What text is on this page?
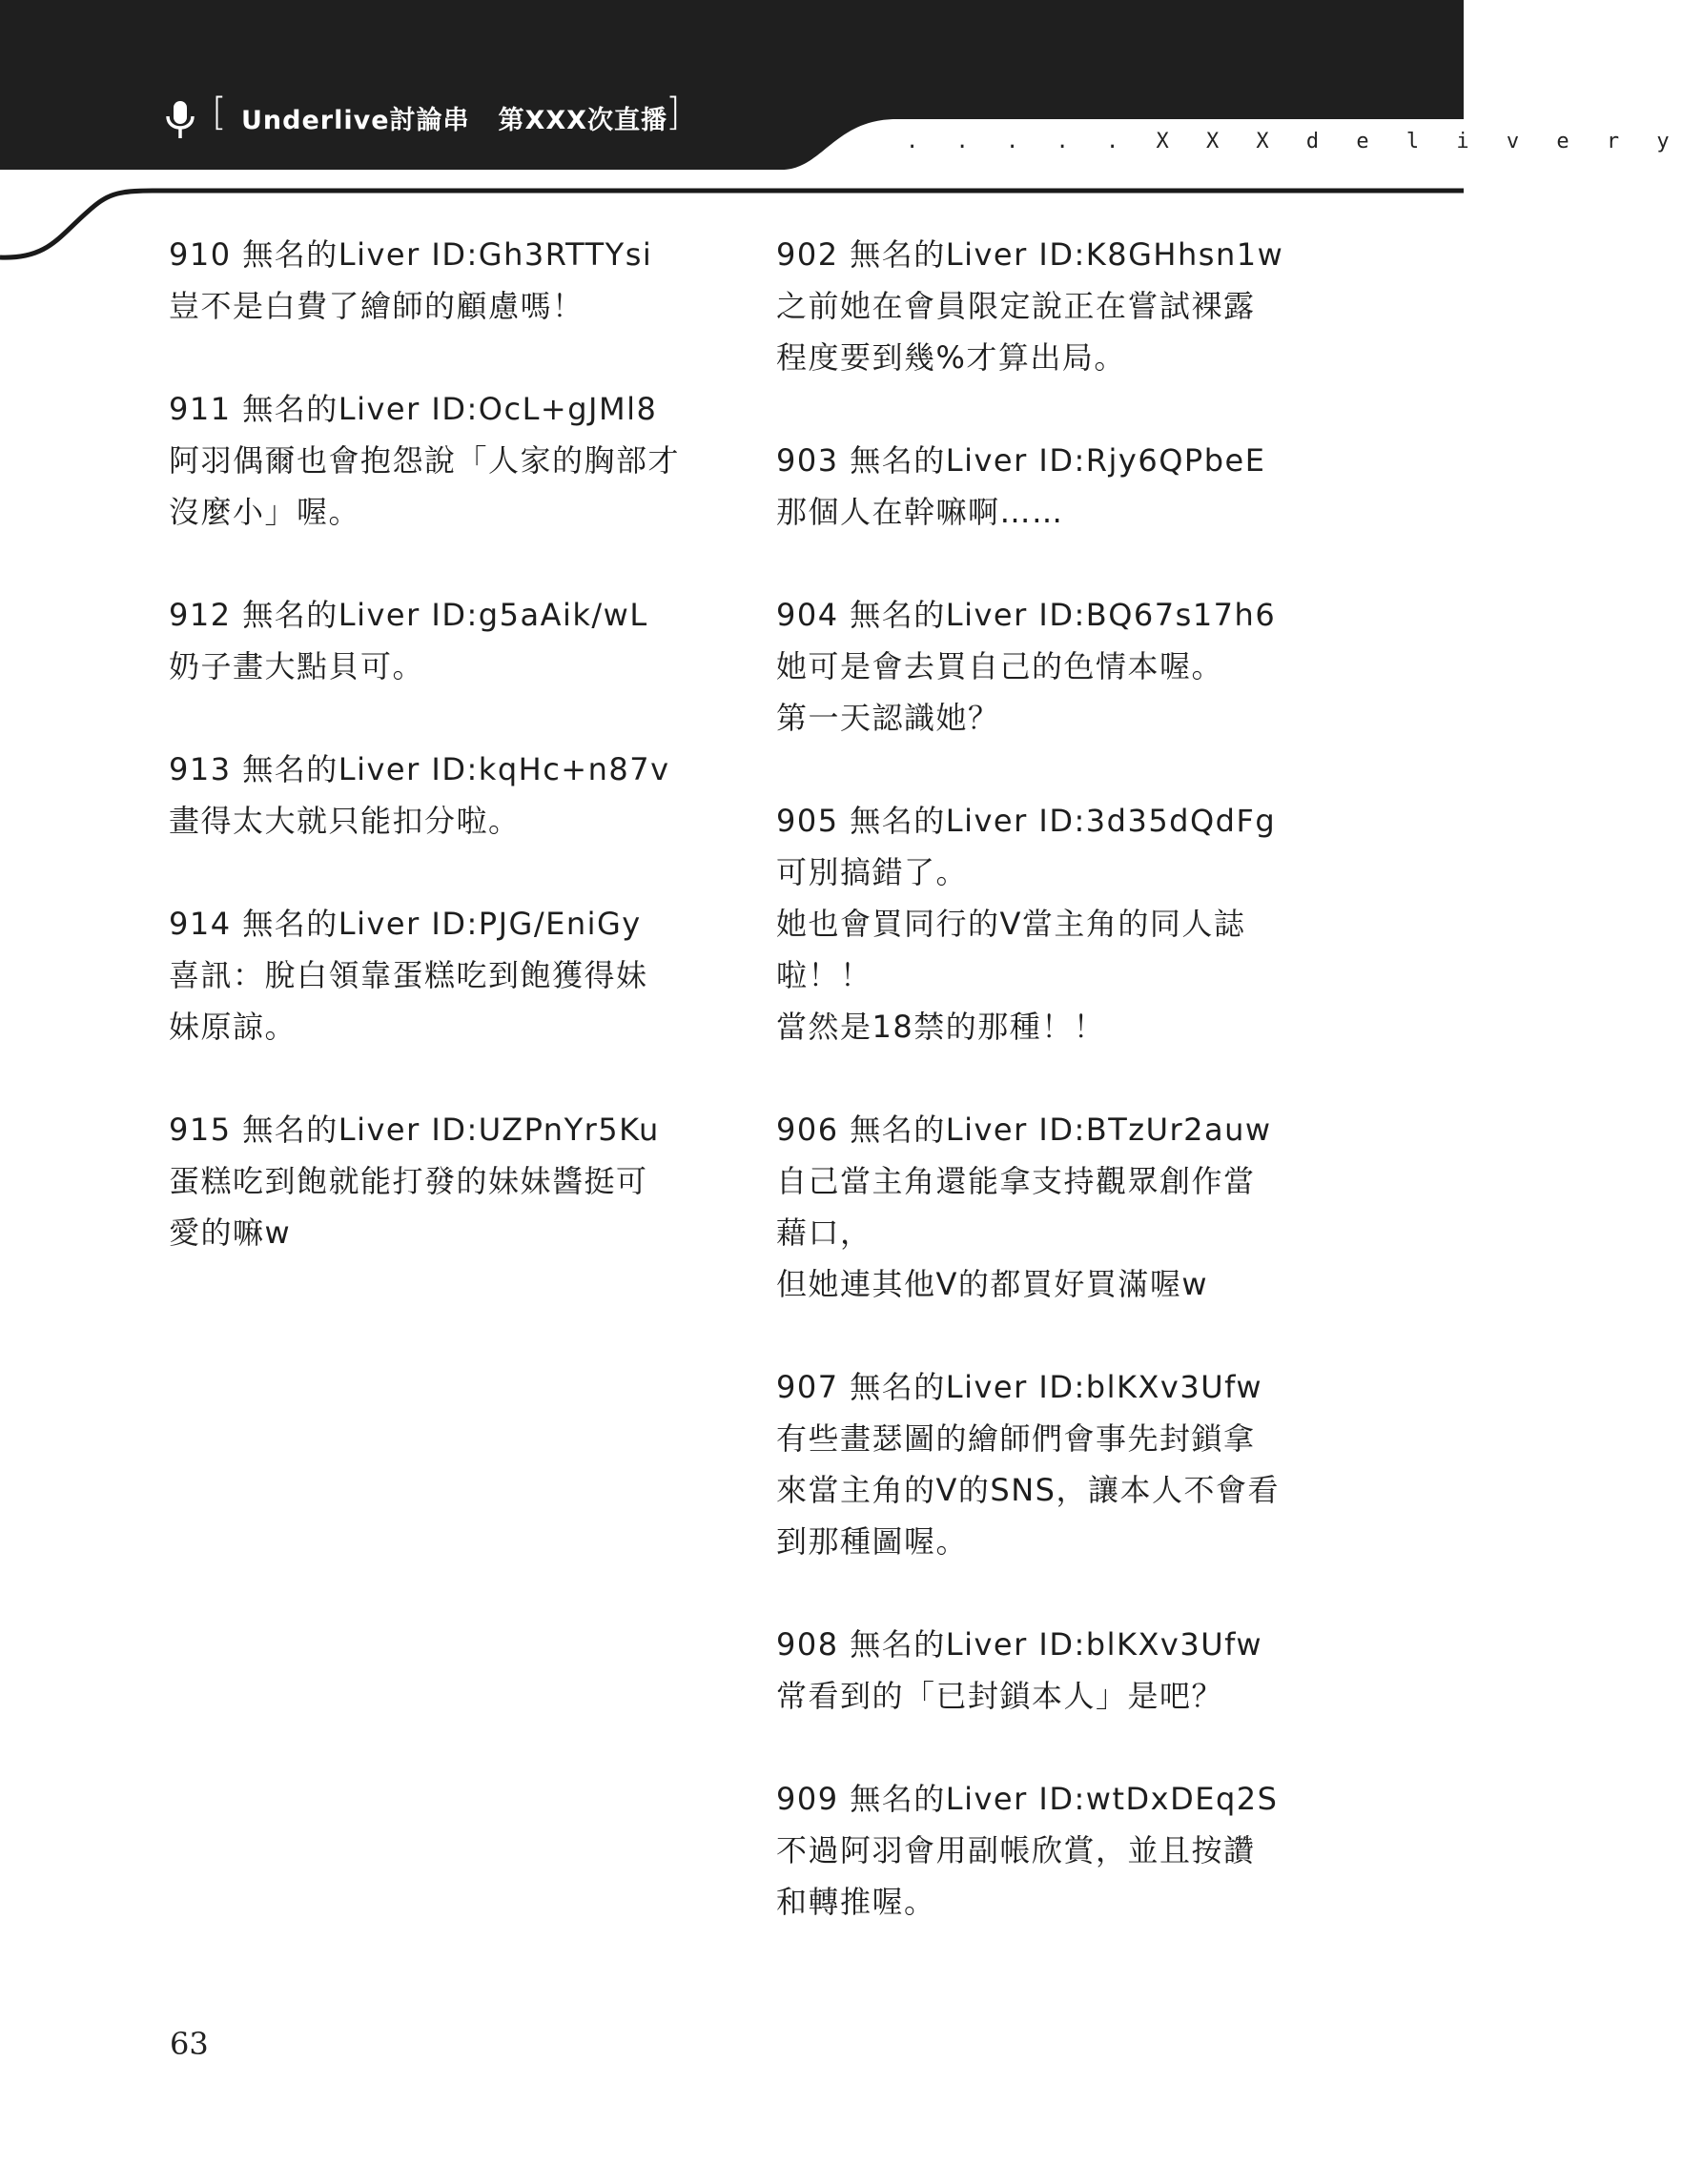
[ Underlive討論串 第XXX次直播
]
. . . . . X X X d e l i v e r y
910 無名的Liver ID:Gh3RTTYsi
豈不是白費了繪師的顧慮嗎！
911 無名的Liver ID:OcL+gJMl8
阿羽偶爾也會抱怨說「人家的胸部才
沒麼小」喔。
912 無名的Liver ID:g5aAik/wL
奶子畫大點貝可。
913 無名的Liver ID:kqHc+n87v
畫得太大就只能扣分啦。
914 無名的Liver ID:PJG/EniGy
喜訊：脫白領靠蛋糕吃到飽獲得妹
妹原諒。
915 無名的Liver ID:UZPnYr5Ku
蛋糕吃到飽就能打發的妹妹醬挺可
愛的嘛w
902 無名的Liver ID:K8GHhsn1w
之前她在會員限定說正在嘗試裸露
程度要到幾%才算出局。
903 無名的Liver ID:Rjy6QPbeE
那個人在幹嘛啊……
904 無名的Liver ID:BQ67s17h6
她可是會去買自己的色情本喔。
第一天認識她？
905 無名的Liver ID:3d35dQdFg
可別搞錯了。
她也會買同行的V當主角的同人誌
啦！！
當然是18禁的那種！！
906 無名的Liver ID:BTzUr2auw
自己當主角還能拿支持觀眾創作當
藉口，
但她連其他V的都買好買滿喔w
907 無名的Liver ID:blKXv3Ufw
有些畫瑟圖的繪師們會事先封鎖拿
來當主角的V的SNS，讓本人不會看
到那種圖喔。
908 無名的Liver ID:blKXv3Ufw
常看到的「已封鎖本人」是吧？
909 無名的Liver ID:wtDxDEq2S
不過阿羽會用副帳欣賞，並且按讚
和轉推喔。
63
